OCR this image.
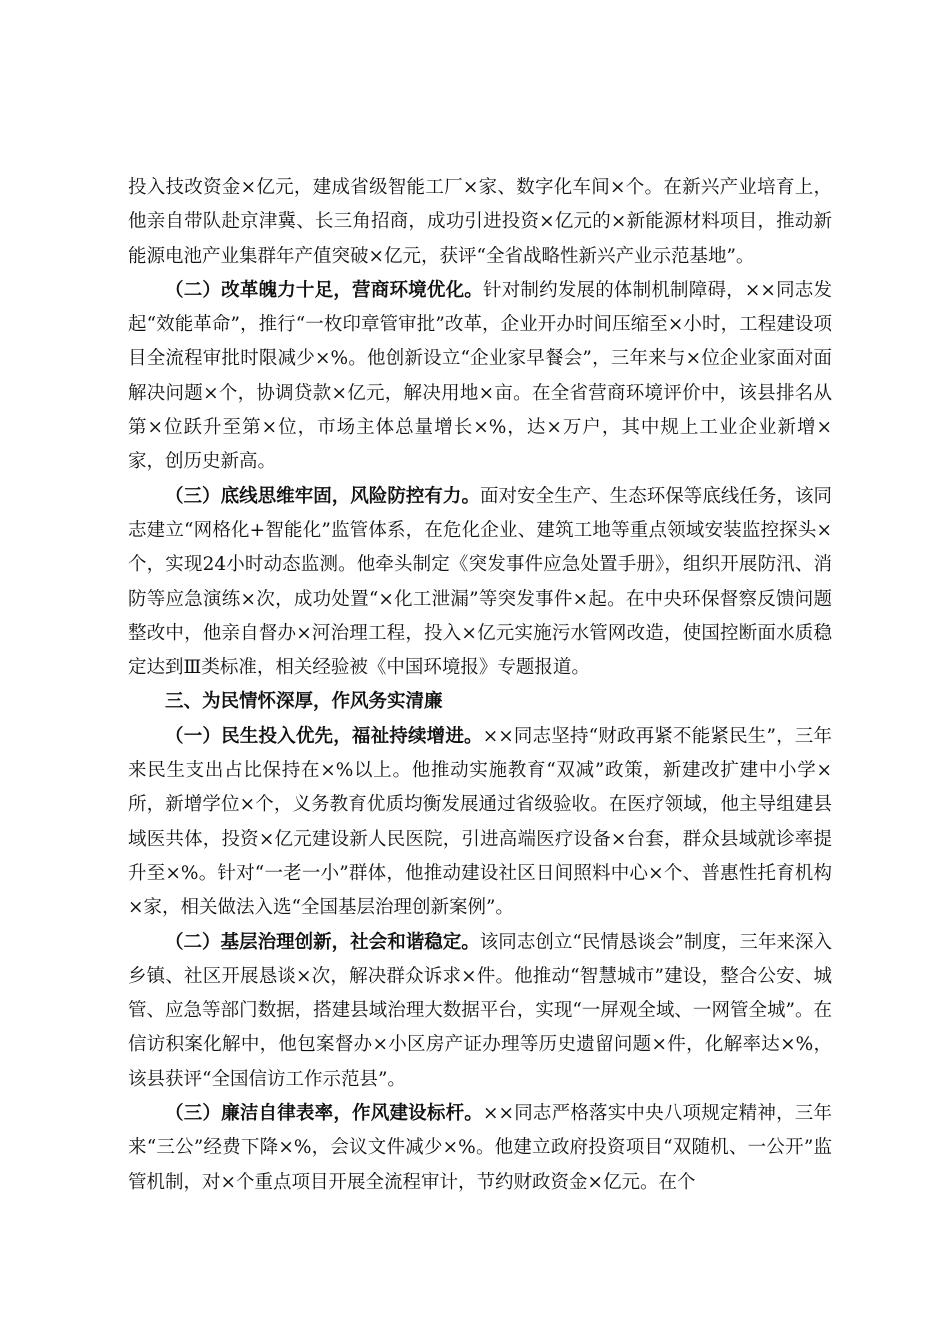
投入技改资金×亿元，建成省级智能工厂×家、数字化车间×个。在新兴产业培育上，他亲自带队赴京津冀、长三角招商，成功引进投资×亿元的×新能源材料项目，推动新能源电池产业集群年产值突破×亿元，获评“全省战略性新兴产业示范基地”。

（二）改革魄力十足，营商环境优化。针对制约发展的体制机制障碍，××同志发起“效能革命”，推行“一枚印章管审批”改革，企业开办时间压缩至×小时，工程建设项目全流程审批时限减少×%。他创新设立“企业家早餐会”，三年来与×位企业家面对面解决问题×个，协调贷款×亿元，解决用地×亩。在全省营商环境评价中，该县排名从第×位跃升至第×位，市场主体总量增长×%，达×万户，其中规上工业企业新增×家，创历史新高。

（三）底线思维牢固，风险防控有力。面对安全生产、生态环保等底线任务，该同志建立“网格化+智能化”监管体系，在危化企业、建筑工地等重点领域安装监控探头×个，实现24小时动态监测。他牵头制定《突发事件应急处置手册》，组织开展防汛、消防等应急演练×次，成功处置“×化工泄漏”等突发事件×起。在中央环保督察反馈问题整改中，他亲自督办×河治理工程，投入×亿元实施污水管网改造，使国控断面水质稳定达到Ⅲ类标准，相关经验被《中国环境报》专题报道。

三、为民情怀深厚，作风务实清廉

（一）民生投入优先，福祉持续增进。××同志坚持“财政再紧不能紧民生”，三年来民生支出占比保持在×%以上。他推动实施教育“双减”政策，新建改扩建中小学×所，新增学位×个，义务教育优质均衡发展通过省级验收。在医疗领域，他主导组建县域医共体，投资×亿元建设新人民医院，引进高端医疗设备×台套，群众县域就诊率提升至×%。针对“一老一小”群体，他推动建设社区日间照料中心×个、普惠性托育机构×家，相关做法入选“全国基层治理创新案例”。

（二）基层治理创新，社会和谐稳定。该同志创立“民情恳谈会”制度，三年来深入乡镇、社区开展恳谈×次，解决群众诉求×件。他推动“智慧城市”建设，整合公安、城管、应急等部门数据，搭建县域治理大数据平台，实现“一屏观全域、一网管全城”。在信访积案化解中，他包案督办×小区房产证办理等历史遗留问题×件，化解率达×%，该县获评“全国信访工作示范县”。

（三）廉洁自律表率，作风建设标杆。××同志严格落实中央八项规定精神，三年来“三公”经费下降×%，会议文件减少×%。他建立政府投资项目“双随机、一公开”监管机制，对×个重点项目开展全流程审计，节约财政资金×亿元。在个
